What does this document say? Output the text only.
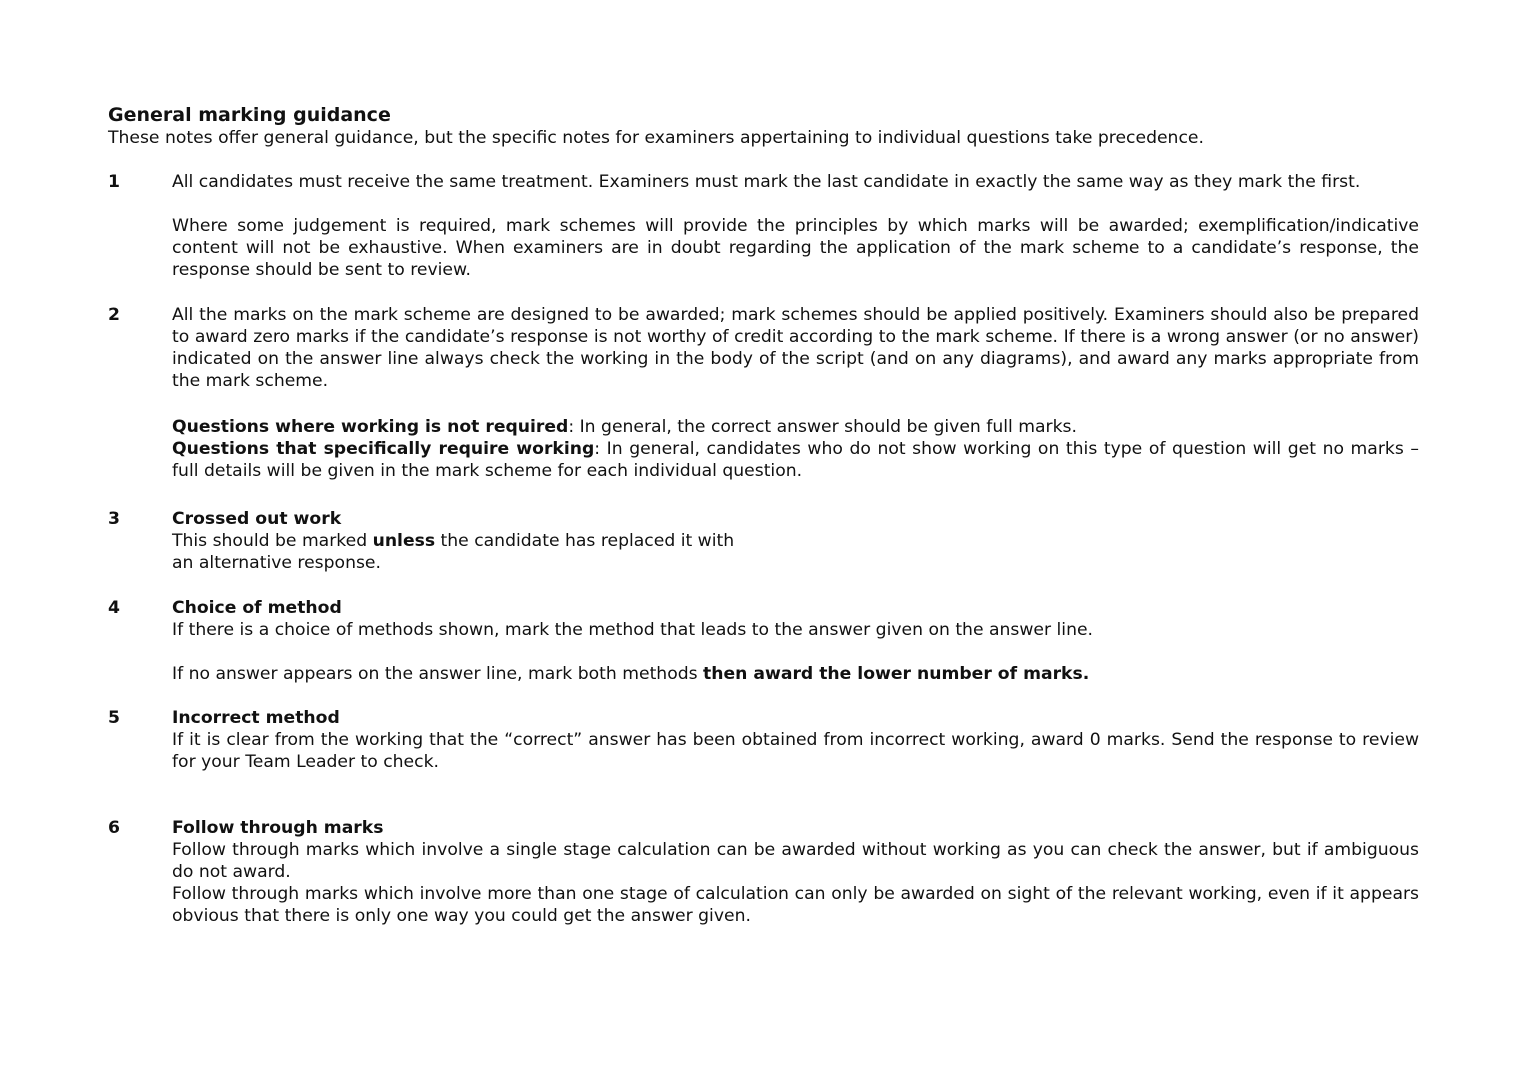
General marking guidance

These notes offer general guidance, but the specific notes for examiners appertaining to individual questions take precedence.

1	All candidates must receive the same treatment. Examiners must mark the last candidate in exactly the same way as they mark the first.

Where some judgement is required, mark schemes will provide the principles by which marks will be awarded; exemplification/indicative content will not be exhaustive. When examiners are in doubt regarding the application of the mark scheme to a candidate’s response, the response should be sent to review.

2	All the marks on the mark scheme are designed to be awarded; mark schemes should be applied positively. Examiners should also be prepared to award zero marks if the candidate’s response is not worthy of credit according to the mark scheme. If there is a wrong answer (or no answer) indicated on the answer line always check the working in the body of the script (and on any diagrams), and award any marks appropriate from the mark scheme.

Questions where working is not required: In general, the correct answer should be given full marks.

Questions that specifically require working: In general, candidates who do not show working on this type of question will get no marks – full details will be given in the mark scheme for each individual question.

3	Crossed out work

This should be marked unless the candidate has replaced it with

an alternative response.

4	Choice of method

If there is a choice of methods shown, mark the method that leads to the answer given on the answer line.

If no answer appears on the answer line, mark both methods then award the lower number of marks.

5	Incorrect method

If it is clear from the working that the “correct” answer has been obtained from incorrect working, award 0 marks. Send the response to review for your Team Leader to check.

6	Follow through marks

Follow through marks which involve a single stage calculation can be awarded without working as you can check the answer, but if ambiguous do not award.

Follow through marks which involve more than one stage of calculation can only be awarded on sight of the relevant working, even if it appears obvious that there is only one way you could get the answer given.
